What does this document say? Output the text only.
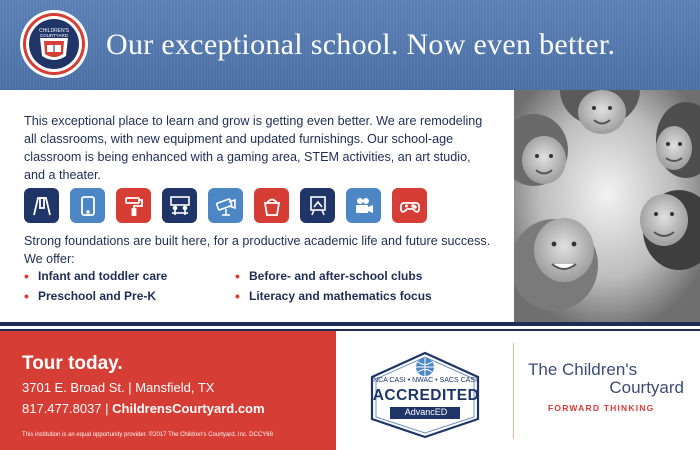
CHILDREN'S
COURTYARD Our exceptional school. Now even better.
This exceptional place to learn and grow is getting even better. We are remodeling all classrooms, with new equipment and updated furnishings. Our school-age classroom is being enhanced with a gaming area, STEM activities, an art studio, and a theater.
Strong foundations are built here, for a productive academic life and future success. We offer:
• Infant and toddler care	• Before- and after-school clubs
• Preschool and Pre-K	• Literacy and mathematics focus
Tour today.
3701 E. Broad St. | Mansfield, TX
817.477.8037 | ChildrensCourtyard.com
This institution is an equal opportunity provider. ©2017 The Children's Courtyard, Inc. DCCY68
NCA CASI • NWAC • SACS CASI
ACCREDITED
AdvancED
The Children's
Courtyard
FORWARD THINKING
